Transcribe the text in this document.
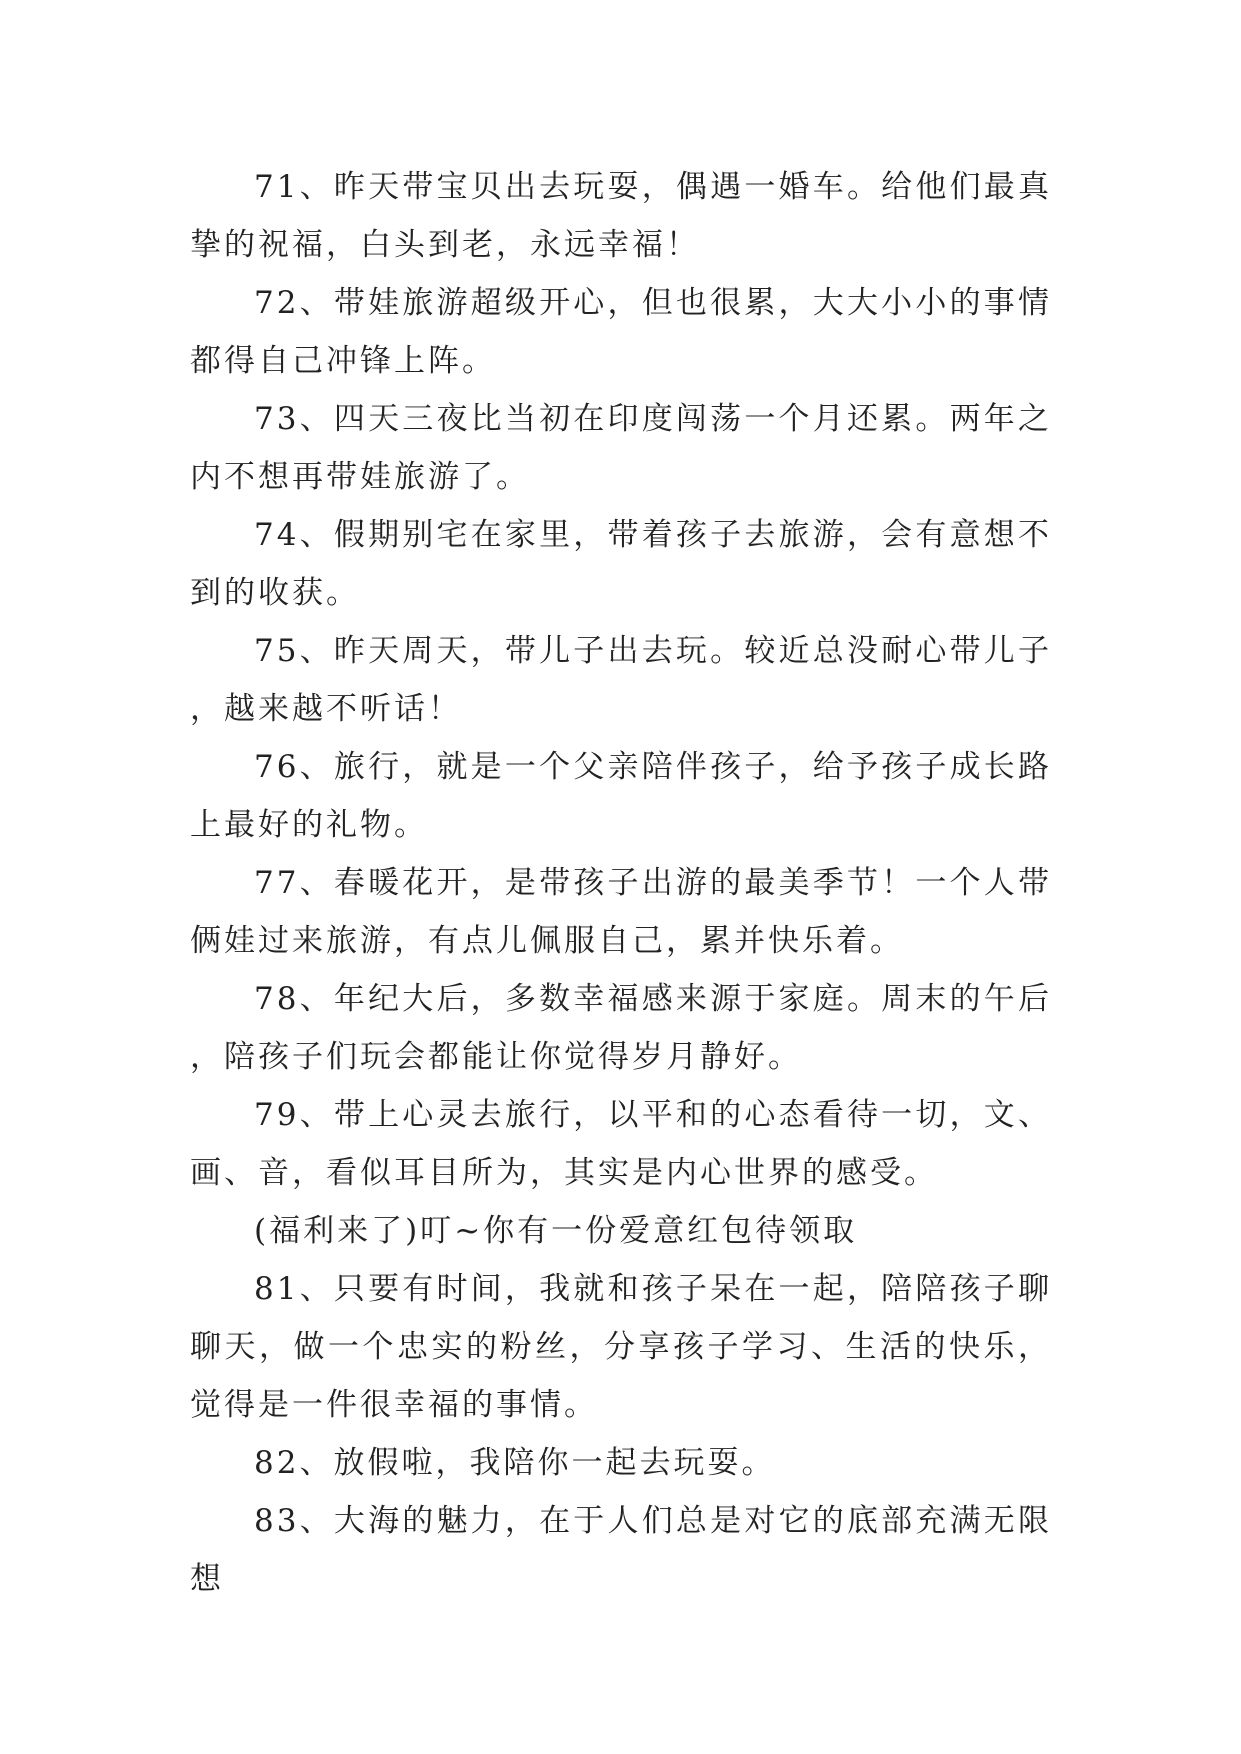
71、昨天带宝贝出去玩耍，偶遇一婚车。给他们最真挚的祝福，白头到老，永远幸福！

72、带娃旅游超级开心，但也很累，大大小小的事情都得自己冲锋上阵。

73、四天三夜比当初在印度闯荡一个月还累。两年之内不想再带娃旅游了。

74、假期别宅在家里，带着孩子去旅游，会有意想不到的收获。

75、昨天周天，带儿子出去玩。较近总没耐心带儿子，越来越不听话！

76、旅行，就是一个父亲陪伴孩子，给予孩子成长路上最好的礼物。

77、春暖花开，是带孩子出游的最美季节！一个人带俩娃过来旅游，有点儿佩服自己，累并快乐着。

78、年纪大后，多数幸福感来源于家庭。周末的午后，陪孩子们玩会都能让你觉得岁月静好。

79、带上心灵去旅行，以平和的心态看待一切，文、画、音，看似耳目所为，其实是内心世界的感受。

(福利来了)叮~你有一份爱意红包待领取

81、只要有时间，我就和孩子呆在一起，陪陪孩子聊聊天，做一个忠实的粉丝，分享孩子学习、生活的快乐，觉得是一件很幸福的事情。

82、放假啦，我陪你一起去玩耍。

83、大海的魅力，在于人们总是对它的底部充满无限想
